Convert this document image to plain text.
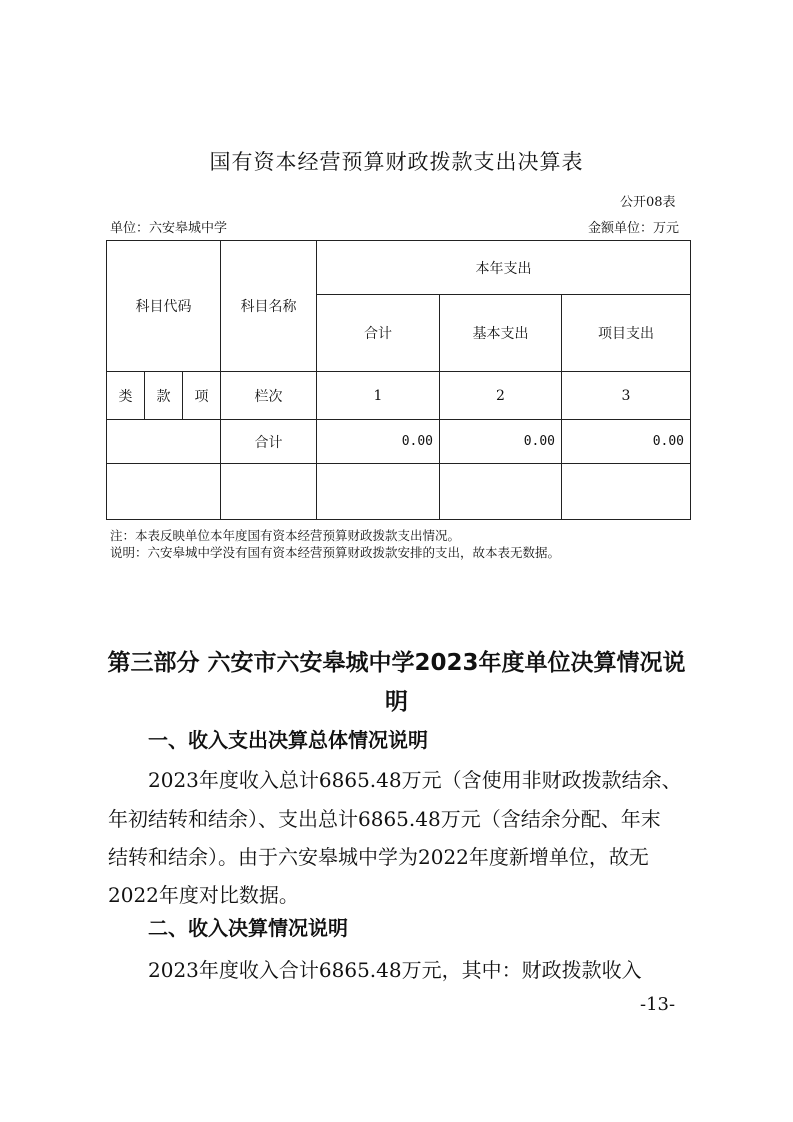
国有资本经营预算财政拨款支出决算表
公开08表
单位：六安皋城中学	金额单位：万元
科目代码			科目名称	本年支出		
				合计	基本支出	项目支出
类	款	项	栏次	1	2	3
			合计	0.00	0.00	0.00

注：本表反映单位本年度国有资本经营预算财政拨款支出情况。
说明：六安皋城中学没有国有资本经营预算财政拨款安排的支出，故本表无数据。
第三部分 六安市六安皋城中学2023年度单位决算情况说
明
一、收入支出决算总体情况说明
2023年度收入总计6865.48万元（含使用非财政拨款结余、
年初结转和结余）、支出总计6865.48万元（含结余分配、年末
结转和结余）。由于六安皋城中学为2022年度新增单位，故无
2022年度对比数据。
二、收入决算情况说明
2023年度收入合计6865.48万元，其中：财政拨款收入
-13-
